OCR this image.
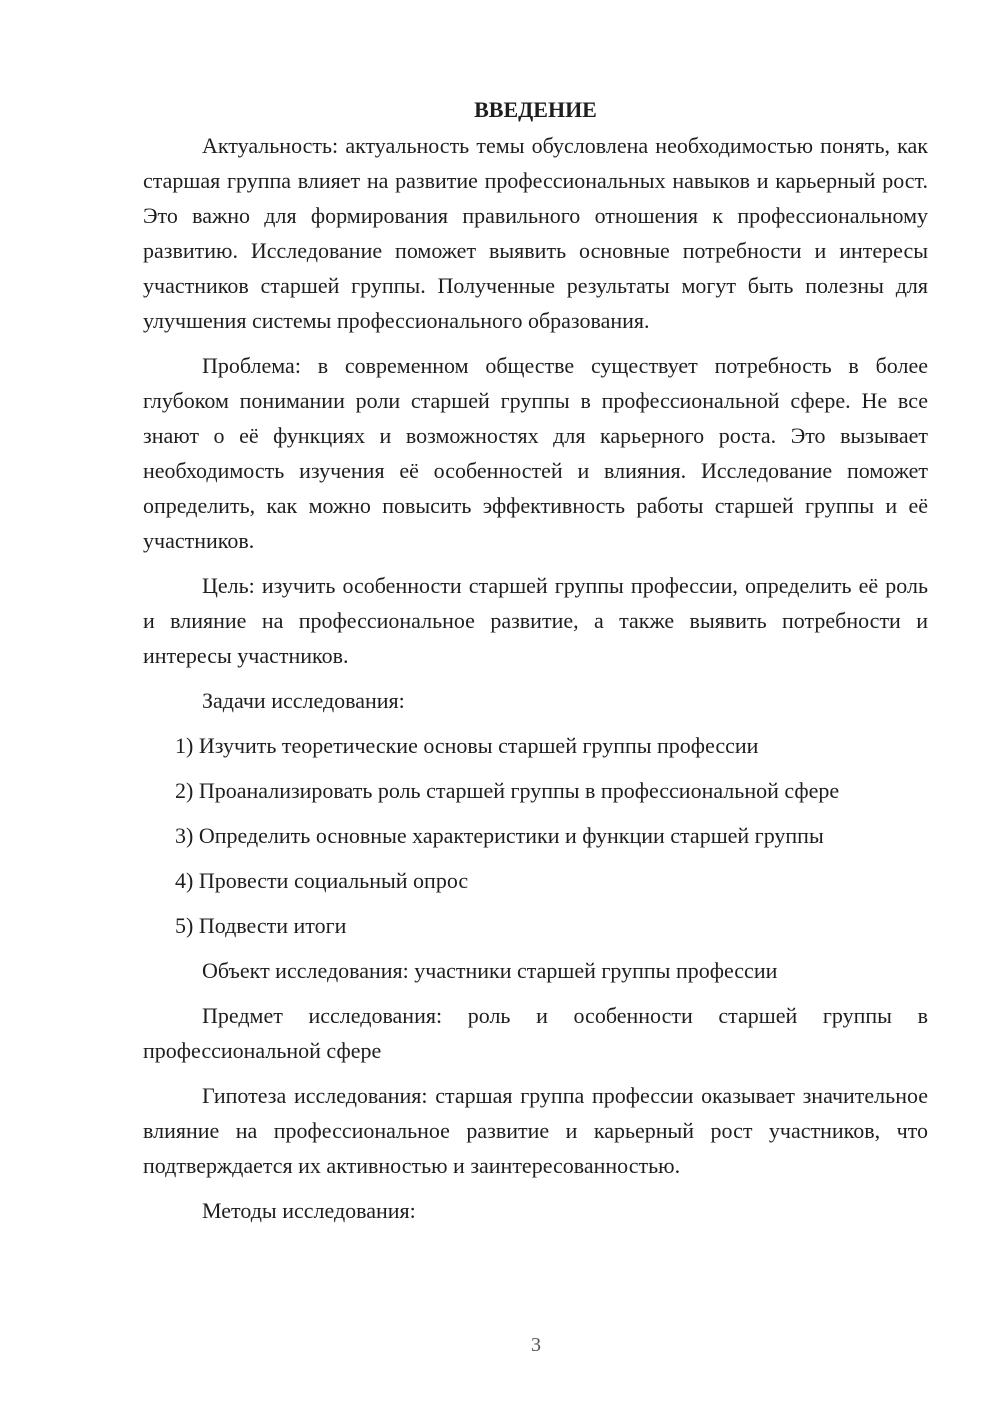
ВВЕДЕНИЕ

Актуальность: актуальность темы обусловлена необходимостью понять, как старшая группа влияет на развитие профессиональных навыков и карьерный рост. Это важно для формирования правильного отношения к профессиональному развитию. Исследование поможет выявить основные потребности и интересы участников старшей группы. Полученные результаты могут быть полезны для улучшения системы профессионального образования.

Проблема: в современном обществе существует потребность в более глубоком понимании роли старшей группы в профессиональной сфере. Не все знают о её функциях и возможностях для карьерного роста. Это вызывает необходимость изучения её особенностей и влияния. Исследование поможет определить, как можно повысить эффективность работы старшей группы и её участников.

Цель: изучить особенности старшей группы профессии, определить её роль и влияние на профессиональное развитие, а также выявить потребности и интересы участников.

Задачи исследования:

1) Изучить теоретические основы старшей группы профессии
2) Проанализировать роль старшей группы в профессиональной сфере
3) Определить основные характеристики и функции старшей группы
4) Провести социальный опрос
5) Подвести итоги

Объект исследования: участники старшей группы профессии

Предмет исследования: роль и особенности старшей группы в профессиональной сфере

Гипотеза исследования: старшая группа профессии оказывает значительное влияние на профессиональное развитие и карьерный рост участников, что подтверждается их активностью и заинтересованностью.

Методы исследования:

3
